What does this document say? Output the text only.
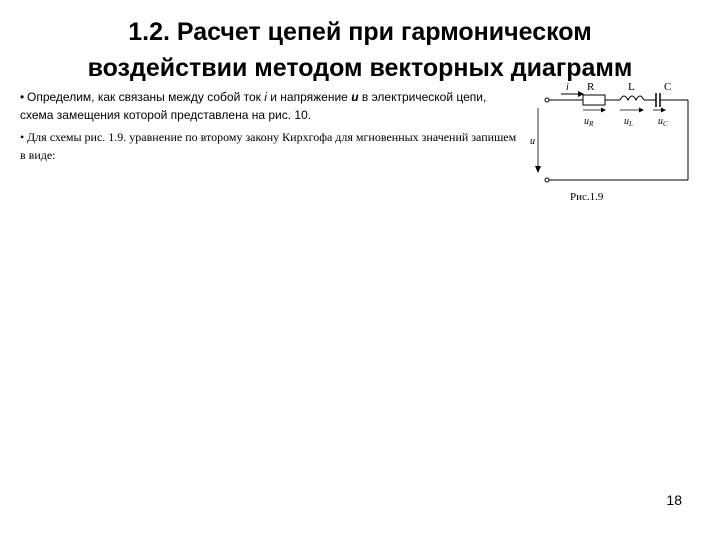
1.2. Расчет цепей при гармоническом
воздействии методом векторных диаграмм

• Определим, как связаны между собой ток i и напряжение u в электрической цепи, схема замещения которой представлена на рис. 10.

• Для схемы рис. 1.9. уравнение по второму закону Кирхгофа для мгновенных значений запишем в виде:

i R	L	C
$u_R$	$u_L$	$u_C$
u
Рис.1.9
18
